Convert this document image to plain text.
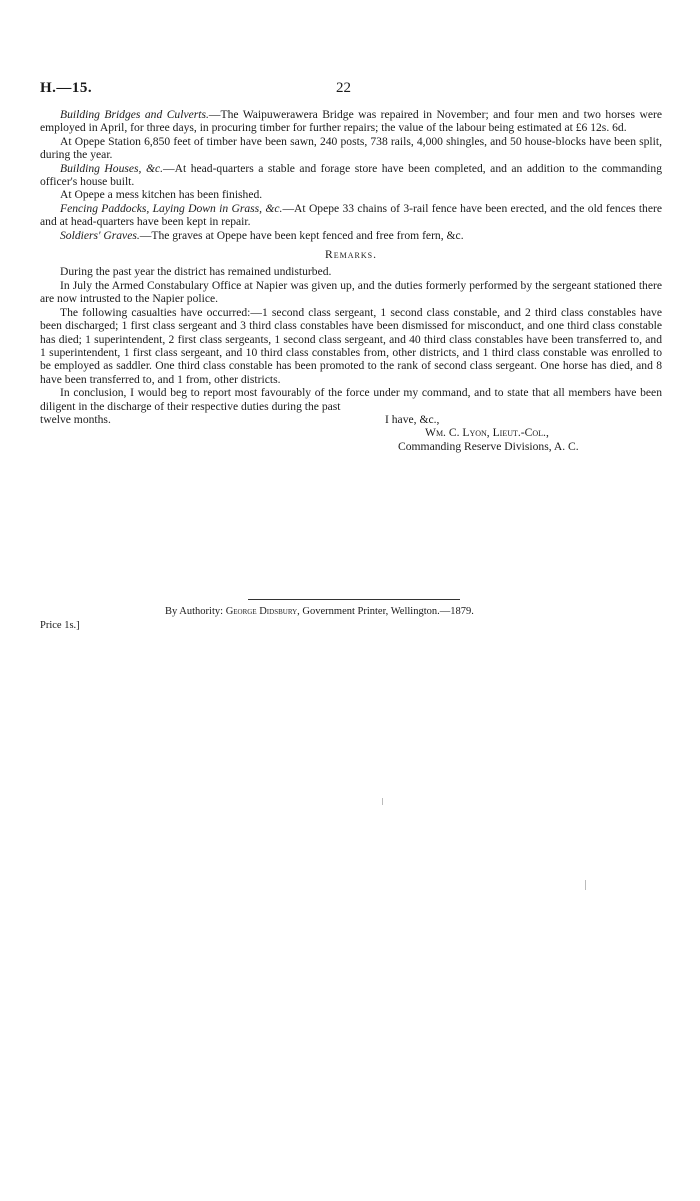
H.—15.	22

Building Bridges and Culverts.—The Waipuwerawera Bridge was repaired in November; and four men and two horses were employed in April, for three days, in procuring timber for further repairs; the value of the labour being estimated at £6 12s. 6d.

At Opepe Station 6,850 feet of timber have been sawn, 240 posts, 738 rails, 4,000 shingles, and 50 house-blocks have been split, during the year.

Building Houses, &c.—At head-quarters a stable and forage store have been completed, and an addition to the commanding officer's house built.

At Opepe a mess kitchen has been finished.

Fencing Paddocks, Laying Down in Grass, &c.—At Opepe 33 chains of 3-rail fence have been erected, and the old fences there and at head-quarters have been kept in repair.

Soldiers' Graves.—The graves at Opepe have been kept fenced and free from fern, &c.

Remarks.

During the past year the district has remained undisturbed.

In July the Armed Constabulary Office at Napier was given up, and the duties formerly performed by the sergeant stationed there are now intrusted to the Napier police.

The following casualties have occurred:—1 second class sergeant, 1 second class constable, and 2 third class constables have been discharged; 1 first class sergeant and 3 third class constables have been dismissed for misconduct, and one third class constable has died; 1 superintendent, 2 first class sergeants, 1 second class sergeant, and 40 third class constables have been transferred to, and 1 superintendent, 1 first class sergeant, and 10 third class constables from, other districts, and 1 third class constable was enrolled to be employed as saddler. One third class constable has been promoted to the rank of second class sergeant. One horse has died, and 8 have been transferred to, and 1 from, other districts.

In conclusion, I would beg to report most favourably of the force under my command, and to state that all members have been diligent in the discharge of their respective duties during the past

twelve months.	I have, &c.,
Wm. C. Lyon, Lieut.-Col.,
Commanding Reserve Divisions, A. C.
By Authority: George Didsbury, Government Printer, Wellington.—1879.
Price 1s.]
